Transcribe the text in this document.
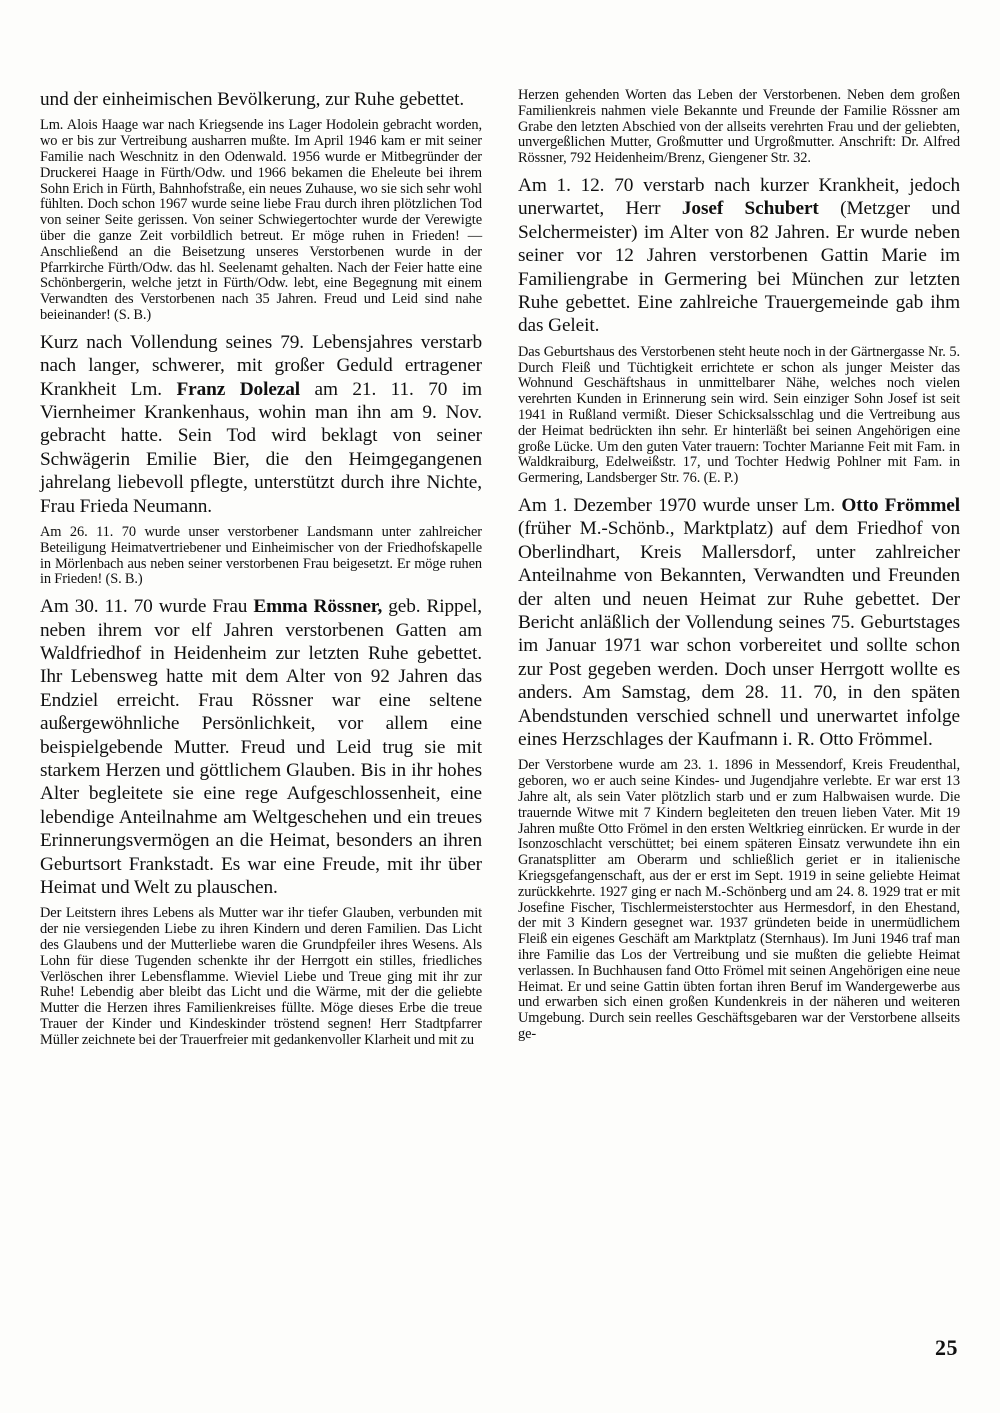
und der einheimischen Bevölkerung, zur Ruhe gebettet.

Lm. Alois Haage war nach Kriegsende ins Lager Hodolein gebracht worden, wo er bis zur Vertreibung ausharren mußte. Im April 1946 kam er mit seiner Familie nach Weschnitz in den Odenwald. 1956 wurde er Mitbegründer der Druckerei Haage in Fürth/Odw. und 1966 bekamen die Eheleute bei ihrem Sohn Erich in Fürth, Bahnhofstraße, ein neues Zuhause, wo sie sich sehr wohl fühlten. Doch schon 1967 wurde seine liebe Frau durch ihren plötzlichen Tod von seiner Seite gerissen. Von seiner Schwiegertochter wurde der Verewigte über die ganze Zeit vorbildlich betreut. Er möge ruhen in Frieden! — Anschließend an die Beisetzung unseres Verstorbenen wurde in der Pfarrkirche Fürth/Odw. das hl. Seelenamt gehalten. Nach der Feier hatte eine Schönbergerin, welche jetzt in Fürth/Odw. lebt, eine Begegnung mit einem Verwandten des Verstorbenen nach 35 Jahren. Freud und Leid sind nahe beieinander! (S. B.)

Kurz nach Vollendung seines 79. Lebensjahres verstarb nach langer, schwerer, mit großer Geduld ertragener Krankheit Lm. Franz Dolezal am 21. 11. 70 im Viernheimer Krankenhaus, wohin man ihn am 9. Nov. gebracht hatte. Sein Tod wird beklagt von seiner Schwägerin Emilie Bier, die den Heimgegangenen jahrelang liebevoll pflegte, unterstützt durch ihre Nichte, Frau Frieda Neumann.

Am 26. 11. 70 wurde unser verstorbener Landsmann unter zahlreicher Beteiligung Heimatvertriebener und Einheimischer von der Friedhofskapelle in Mörlenbach aus neben seiner verstorbenen Frau beigesetzt. Er möge ruhen in Frieden! (S. B.)

Am 30. 11. 70 wurde Frau Emma Rössner, geb. Rippel, neben ihrem vor elf Jahren verstorbenen Gatten am Waldfriedhof in Heidenheim zur letzten Ruhe gebettet. Ihr Lebensweg hatte mit dem Alter von 92 Jahren das Endziel erreicht. Frau Rössner war eine seltene außergewöhnliche Persönlichkeit, vor allem eine beispielgebende Mutter. Freud und Leid trug sie mit starkem Herzen und göttlichem Glauben. Bis in ihr hohes Alter begleitete sie eine rege Aufgeschlossenheit, eine lebendige Anteilnahme am Weltgeschehen und ein treues Erinnerungsvermögen an die Heimat, besonders an ihren Geburtsort Frankstadt. Es war eine Freude, mit ihr über Heimat und Welt zu plauschen.

Der Leitstern ihres Lebens als Mutter war ihr tiefer Glauben, verbunden mit der nie versiegenden Liebe zu ihren Kindern und deren Familien. Das Licht des Glaubens und der Mutterliebe waren die Grundpfeiler ihres Wesens. Als Lohn für diese Tugenden schenkte ihr der Herrgott ein stilles, friedliches Verlöschen ihrer Lebensflamme. Wieviel Liebe und Treue ging mit ihr zur Ruhe! Lebendig aber bleibt das Licht und die Wärme, mit der die geliebte Mutter die Herzen ihres Familienkreises füllte. Möge dieses Erbe die treue Trauer der Kinder und Kindeskinder tröstend segnen! Herr Stadtpfarrer Müller zeichnete bei der Trauerfreier mit gedankenvoller Klarheit und mit zu

Herzen gehenden Worten das Leben der Verstorbenen. Neben dem großen Familienkreis nahmen viele Bekannte und Freunde der Familie Rössner am Grabe den letzten Abschied von der allseits verehrten Frau und der geliebten, unvergeßlichen Mutter, Großmutter und Urgroßmutter. Anschrift: Dr. Alfred Rössner, 792 Heidenheim/Brenz, Giengener Str. 32.

Am 1. 12. 70 verstarb nach kurzer Krankheit, jedoch unerwartet, Herr Josef Schubert (Metzger und Selchermeister) im Alter von 82 Jahren. Er wurde neben seiner vor 12 Jahren verstorbenen Gattin Marie im Familiengrabe in Germering bei München zur letzten Ruhe gebettet. Eine zahlreiche Trauergemeinde gab ihm das Geleit.

Das Geburtshaus des Verstorbenen steht heute noch in der Gärtnergasse Nr. 5. Durch Fleiß und Tüchtigkeit errichtete er schon als junger Meister das Wohnund Geschäftshaus in unmittelbarer Nähe, welches noch vielen verehrten Kunden in Erinnerung sein wird. Sein einziger Sohn Josef ist seit 1941 in Rußland vermißt. Dieser Schicksalsschlag und die Vertreibung aus der Heimat bedrückten ihn sehr. Er hinterläßt bei seinen Angehörigen eine große Lücke. Um den guten Vater trauern: Tochter Marianne Feit mit Fam. in Waldkraiburg, Edelweißstr. 17, und Tochter Hedwig Pohlner mit Fam. in Germering, Landsberger Str. 76. (E. P.)

Am 1. Dezember 1970 wurde unser Lm. Otto Frömmel (früher M.-Schönb., Marktplatz) auf dem Friedhof von Oberlindhart, Kreis Mallersdorf, unter zahlreicher Anteilnahme von Bekannten, Verwandten und Freunden der alten und neuen Heimat zur Ruhe gebettet. Der Bericht anläßlich der Vollendung seines 75. Geburtstages im Januar 1971 war schon vorbereitet und sollte schon zur Post gegeben werden. Doch unser Herrgott wollte es anders. Am Samstag, dem 28. 11. 70, in den späten Abendstunden verschied schnell und unerwartet infolge eines Herzschlages der Kaufmann i. R. Otto Frömmel.

Der Verstorbene wurde am 23. 1. 1896 in Messendorf, Kreis Freudenthal, geboren, wo er auch seine Kindes- und Jugendjahre verlebte. Er war erst 13 Jahre alt, als sein Vater plötzlich starb und er zum Halbwaisen wurde. Die trauernde Witwe mit 7 Kindern begleiteten den treuen lieben Vater. Mit 19 Jahren mußte Otto Frömel in den ersten Weltkrieg einrücken. Er wurde in der Isonzoschlacht verschüttet; bei einem späteren Einsatz verwundete ihn ein Granatsplitter am Oberarm und schließlich geriet er in italienische Kriegsgefangenschaft, aus der er erst im Sept. 1919 in seine geliebte Heimat zurückkehrte. 1927 ging er nach M.-Schönberg und am 24. 8. 1929 trat er mit Josefine Fischer, Tischlermeisterstochter aus Hermesdorf, in den Ehestand, der mit 3 Kindern gesegnet war. 1937 gründeten beide in unermüdlichem Fleiß ein eigenes Geschäft am Marktplatz (Sternhaus). Im Juni 1946 traf man ihre Familie das Los der Vertreibung und sie mußten die geliebte Heimat verlassen. In Buchhausen fand Otto Frömel mit seinen Angehörigen eine neue Heimat. Er und seine Gattin übten fortan ihren Beruf im Wandergewerbe aus und erwarben sich einen großen Kundenkreis in der näheren und weiteren Umgebung. Durch sein reelles Geschäftsgebaren war der Verstorbene allseits ge-

25
